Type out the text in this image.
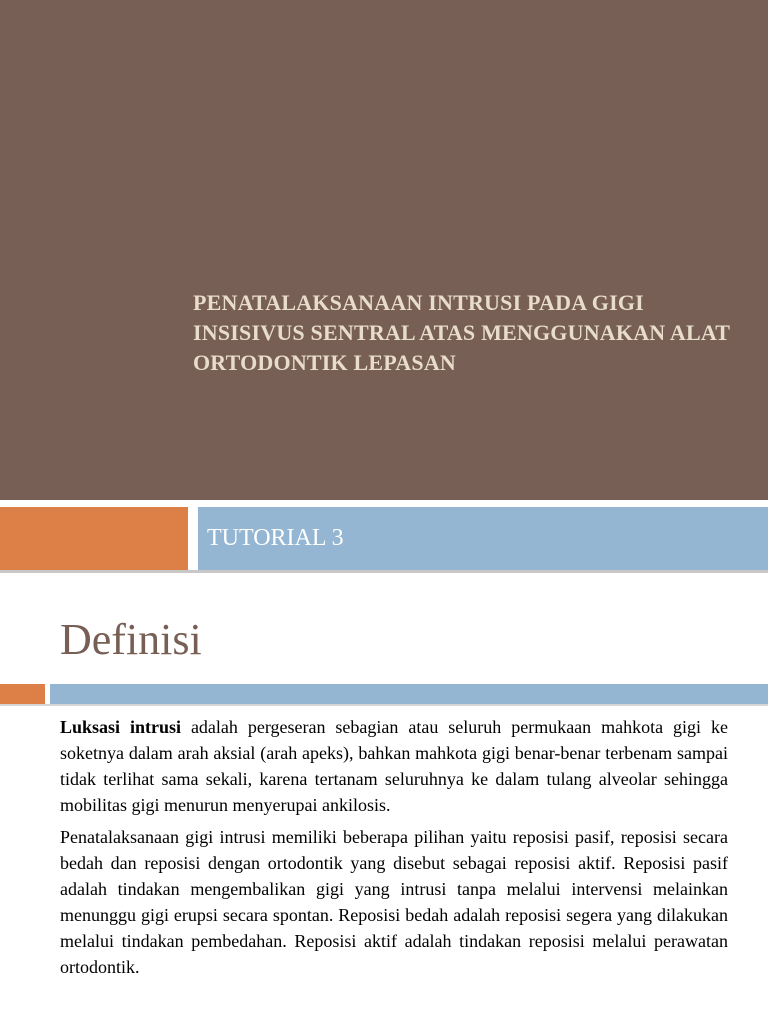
PENATALAKSANAAN INTRUSI PADA GIGI INSISIVUS SENTRAL ATAS MENGGUNAKAN ALAT ORTODONTIK LEPASAN

TUTORIAL 3

Definisi

Luksasi intrusi adalah pergeseran sebagian atau seluruh permukaan mahkota gigi ke soketnya dalam arah aksial (arah apeks), bahkan mahkota gigi benar-benar terbenam sampai tidak terlihat sama sekali, karena tertanam seluruhnya ke dalam tulang alveolar sehingga mobilitas gigi menurun menyerupai ankilosis.

Penatalaksanaan gigi intrusi memiliki beberapa pilihan yaitu reposisi pasif, reposisi secara bedah dan reposisi dengan ortodontik yang disebut sebagai reposisi aktif. Reposisi pasif adalah tindakan mengembalikan gigi yang intrusi tanpa melalui intervensi melainkan menunggu gigi erupsi secara spontan. Reposisi bedah adalah reposisi segera yang dilakukan melalui tindakan pembedahan. Reposisi aktif adalah tindakan reposisi melalui perawatan ortodontik.
